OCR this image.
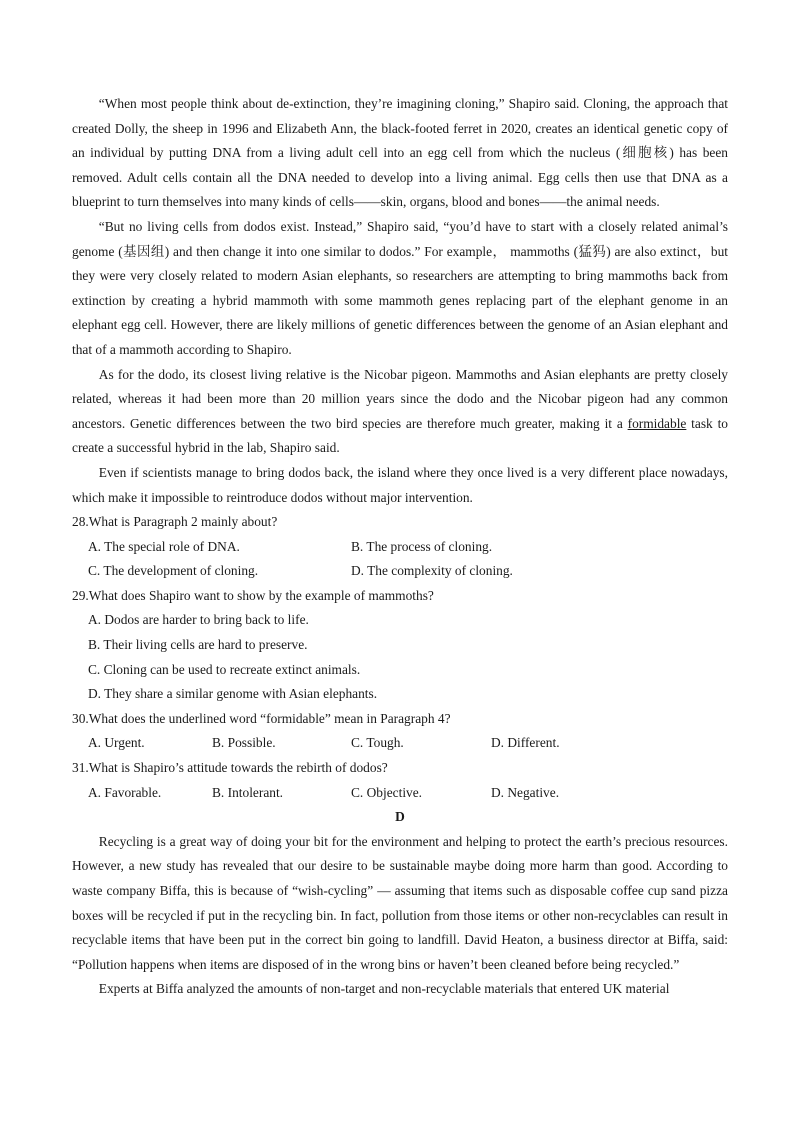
“When most people think about de-extinction, they’re imagining cloning,” Shapiro said. Cloning, the approach that created Dolly, the sheep in 1996 and Elizabeth Ann, the black-footed ferret in 2020, creates an identical genetic copy of an individual by putting DNA from a living adult cell into an egg cell from which the nucleus (细胞核) has been removed. Adult cells contain all the DNA needed to develop into a living animal. Egg cells then use that DNA as a blueprint to turn themselves into many kinds of cells——skin, organs, blood and bones——the animal needs.

“But no living cells from dodos exist. Instead,” Shapiro said, “you’d have to start with a closely related animal’s genome (基因组) and then change it into one similar to dodos.” For example， mammoths (猛犸) are also extinct，but they were very closely related to modern Asian elephants, so researchers are attempting to bring mammoths back from extinction by creating a hybrid mammoth with some mammoth genes replacing part of the elephant genome in an elephant egg cell. However, there are likely millions of genetic differences between the genome of an Asian elephant and that of a mammoth according to Shapiro.

As for the dodo, its closest living relative is the Nicobar pigeon. Mammoths and Asian elephants are pretty closely related, whereas it had been more than 20 million years since the dodo and the Nicobar pigeon had any common ancestors. Genetic differences between the two bird species are therefore much greater, making it a formidable task to create a successful hybrid in the lab, Shapiro said.

Even if scientists manage to bring dodos back, the island where they once lived is a very different place nowadays, which make it impossible to reintroduce dodos without major intervention.

28.What is Paragraph 2 mainly about?

A. The special role of DNA.	B. The process of cloning.
C. The development of cloning.	D. The complexity of cloning.

29.What does Shapiro want to show by the example of mammoths?

A. Dodos are harder to bring back to life.
B. Their living cells are hard to preserve.
C. Cloning can be used to recreate extinct animals.
D. They share a similar genome with Asian elephants.

30.What does the underlined word “formidable” mean in Paragraph 4?

A. Urgent.	B. Possible.	C. Tough.	D. Different.

31.What is Shapiro’s attitude towards the rebirth of dodos?

A. Favorable.	B. Intolerant.	C. Objective.	D. Negative.

D

Recycling is a great way of doing your bit for the environment and helping to protect the earth’s precious resources. However, a new study has revealed that our desire to be sustainable maybe doing more harm than good. According to waste company Biffa, this is because of “wish-cycling” — assuming that items such as disposable coffee cup sand pizza boxes will be recycled if put in the recycling bin. In fact, pollution from those items or other non-recyclables can result in recyclable items that have been put in the correct bin going to landfill. David Heaton, a business director at Biffa, said: “Pollution happens when items are disposed of in the wrong bins or haven’t been cleaned before being recycled.”

Experts at Biffa analyzed the amounts of non-target and non-recyclable materials that entered UK material
